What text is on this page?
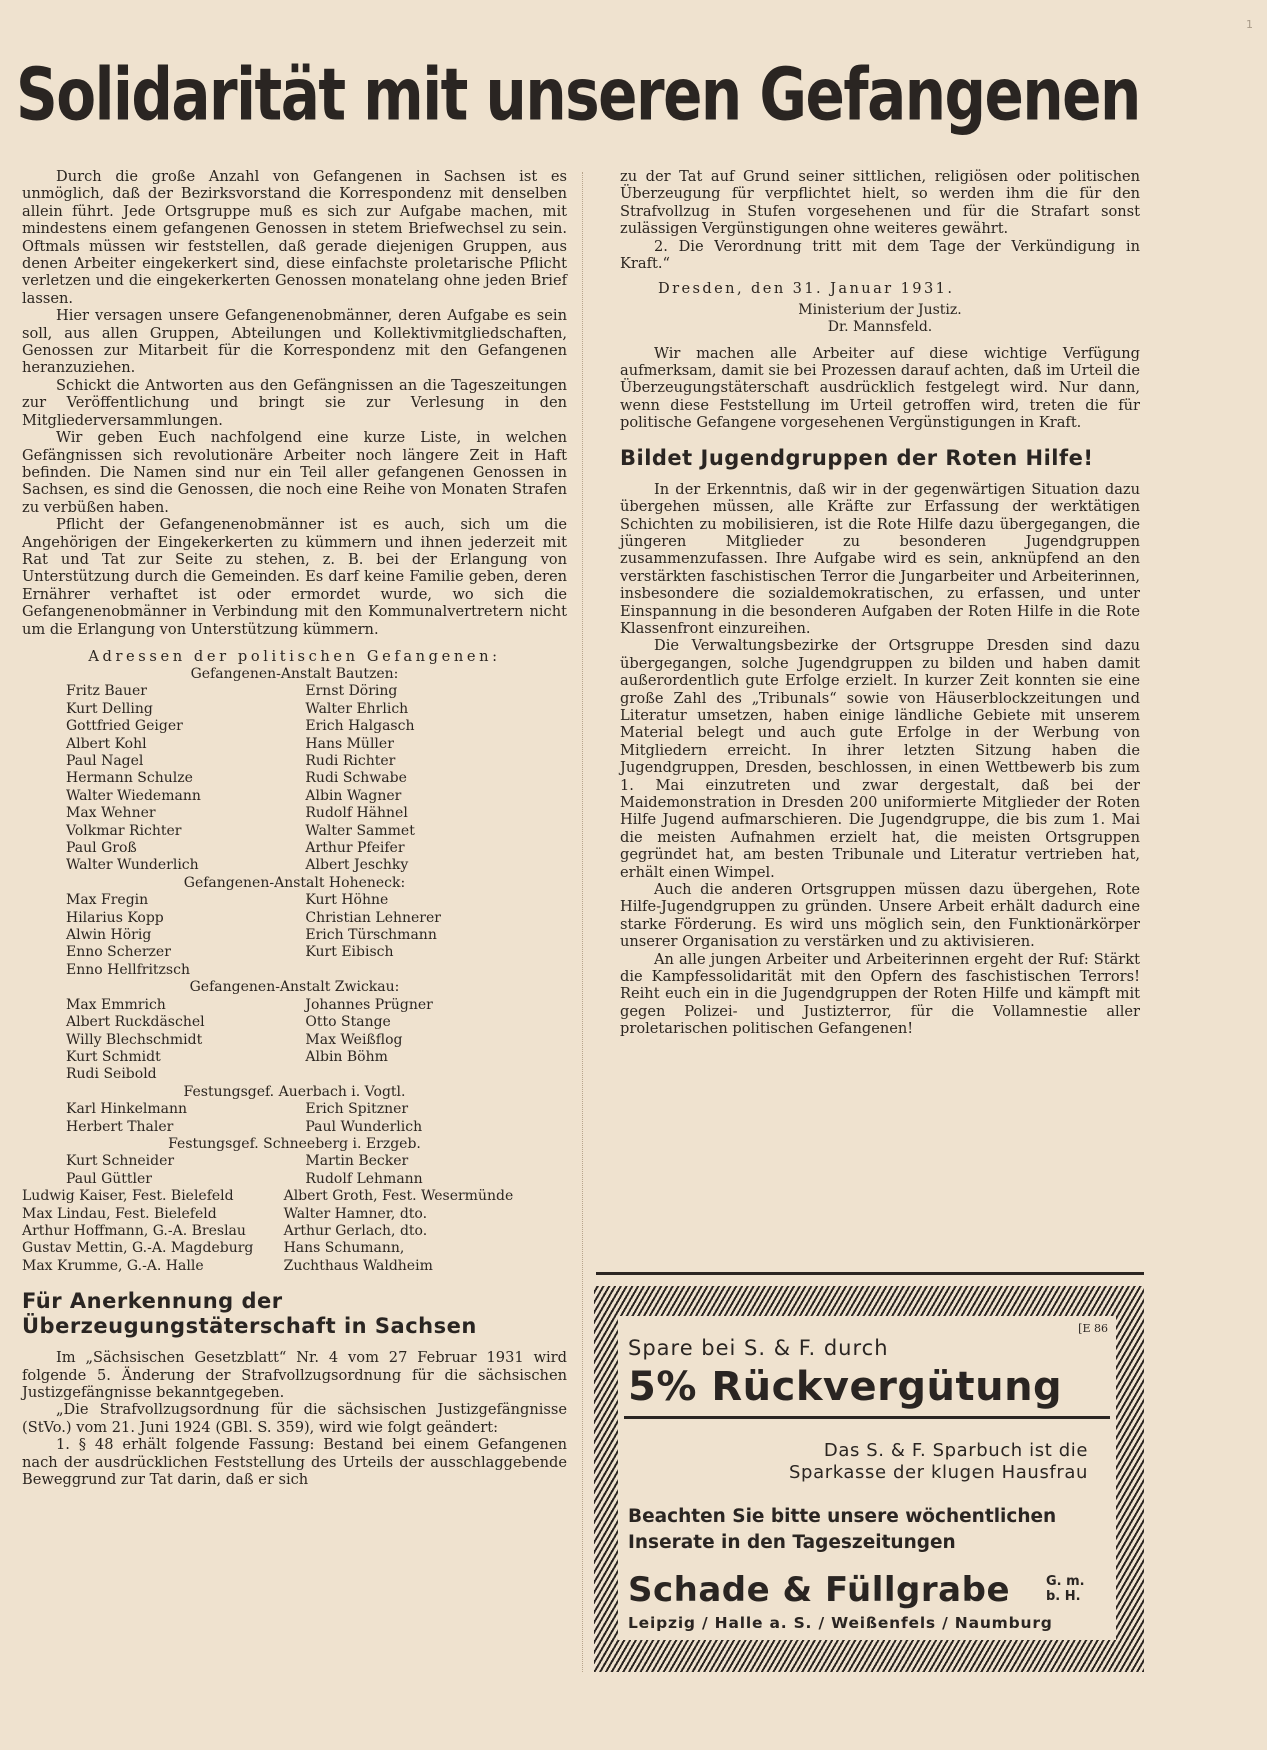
1
Solidarität mit unseren Gefangenen

Durch die große Anzahl von Gefangenen in Sachsen ist es unmöglich, daß der Bezirksvorstand die Korrespondenz mit denselben allein führt. Jede Ortsgruppe muß es sich zur Aufgabe machen, mit mindestens einem gefangenen Genossen in stetem Briefwechsel zu sein. Oftmals müssen wir feststellen, daß gerade diejenigen Gruppen, aus denen Arbeiter eingekerkert sind, diese einfachste proletarische Pflicht verletzen und die eingekerkerten Genossen monatelang ohne jeden Brief lassen.

Hier versagen unsere Gefangenenobmänner, deren Aufgabe es sein soll, aus allen Gruppen, Abteilungen und Kollektivmitgliedschaften, Genossen zur Mitarbeit für die Korrespondenz mit den Gefangenen heranzuziehen.

Schickt die Antworten aus den Gefängnissen an die Tageszeitungen zur Veröffentlichung und bringt sie zur Verlesung in den Mitgliederversammlungen.

Wir geben Euch nachfolgend eine kurze Liste, in welchen Gefängnissen sich revolutionäre Arbeiter noch längere Zeit in Haft befinden. Die Namen sind nur ein Teil aller gefangenen Genossen in Sachsen, es sind die Genossen, die noch eine Reihe von Monaten Strafen zu verbüßen haben.

Pflicht der Gefangenenobmänner ist es auch, sich um die Angehörigen der Eingekerkerten zu kümmern und ihnen jederzeit mit Rat und Tat zur Seite zu stehen, z. B. bei der Erlangung von Unterstützung durch die Gemeinden. Es darf keine Familie geben, deren Ernährer verhaftet ist oder ermordet wurde, wo sich die Gefangenenobmänner in Verbindung mit den Kommunalvertretern nicht um die Erlangung von Unterstützung kümmern.

Adressen der politischen Gefangenen:

Gefangenen-Anstalt Bautzen:

Fritz Bauer	Ernst Döring
Kurt Delling	Walter Ehrlich
Gottfried Geiger	Erich Halgasch
Albert Kohl	Hans Müller
Paul Nagel	Rudi Richter
Hermann Schulze	Rudi Schwabe
Walter Wiedemann	Albin Wagner
Max Wehner	Rudolf Hähnel
Volkmar Richter	Walter Sammet
Paul Groß	Arthur Pfeifer
Walter Wunderlich	Albert Jeschky

Gefangenen-Anstalt Hoheneck:

Max Fregin	Kurt Höhne
Hilarius Kopp	Christian Lehnerer
Alwin Hörig	Erich Türschmann
Enno Scherzer	Kurt Eibisch
Enno Hellfritzsch	

Gefangenen-Anstalt Zwickau:

Max Emmrich	Johannes Prügner
Albert Ruckdäschel	Otto Stange
Willy Blechschmidt	Max Weißflog
Kurt Schmidt	Albin Böhm
Rudi Seibold	

Festungsgef. Auerbach i. Vogtl.

Karl Hinkelmann	Erich Spitzner
Herbert Thaler	Paul Wunderlich

Festungsgef. Schneeberg i. Erzgeb.

Kurt Schneider	Martin Becker
Paul Güttler	Rudolf Lehmann
Ludwig Kaiser, Fest. Bielefeld	Albert Groth, Fest. Wesermünde
Max Lindau, Fest. Bielefeld	Walter Hamner, dto.
Arthur Hoffmann, G.-A. Breslau	Arthur Gerlach, dto.
Gustav Mettin, G.-A. Magdeburg	Hans Schumann,
Max Krumme, G.-A. Halle	Zuchthaus Waldheim
Für Anerkennung der Überzeugungstäterschaft in Sachsen

Im „Sächsischen Gesetzblatt“ Nr. 4 vom 27 Februar 1931 wird folgende 5. Änderung der Strafvollzugsordnung für die sächsischen Justizgefängnisse bekanntgegeben.

„Die Strafvollzugsordnung für die sächsischen Justizgefängnisse (StVo.) vom 21. Juni 1924 (GBl. S. 359), wird wie folgt geändert:

1. § 48 erhält folgende Fassung: Bestand bei einem Gefangenen nach der ausdrücklichen Feststellung des Urteils der ausschlaggebende Beweggrund zur Tat darin, daß er sich

zu der Tat auf Grund seiner sittlichen, religiösen oder politischen Überzeugung für verpflichtet hielt, so werden ihm die für den Strafvollzug in Stufen vorgesehenen und für die Strafart sonst zulässigen Vergünstigungen ohne weiteres gewährt.

2. Die Verordnung tritt mit dem Tage der Verkündigung in Kraft.“

Dresden, den 31. Januar 1931.

Ministerium der Justiz.

Dr. Mannsfeld.

Wir machen alle Arbeiter auf diese wichtige Verfügung aufmerksam, damit sie bei Prozessen darauf achten, daß im Urteil die Überzeugungstäterschaft ausdrücklich festgelegt wird. Nur dann, wenn diese Feststellung im Urteil getroffen wird, treten die für politische Gefangene vorgesehenen Vergünstigungen in Kraft.

Bildet Jugendgruppen der Roten Hilfe!

In der Erkenntnis, daß wir in der gegenwärtigen Situation dazu übergehen müssen, alle Kräfte zur Erfassung der werktätigen Schichten zu mobilisieren, ist die Rote Hilfe dazu übergegangen, die jüngeren Mitglieder zu besonderen Jugendgruppen zusammenzufassen. Ihre Aufgabe wird es sein, anknüpfend an den verstärkten faschistischen Terror die Jungarbeiter und Arbeiterinnen, insbesondere die sozialdemokratischen, zu erfassen, und unter Einspannung in die besonderen Aufgaben der Roten Hilfe in die Rote Klassenfront einzureihen.

Die Verwaltungsbezirke der Ortsgruppe Dresden sind dazu übergegangen, solche Jugendgruppen zu bilden und haben damit außerordentlich gute Erfolge erzielt. In kurzer Zeit konnten sie eine große Zahl des „Tribunals“ sowie von Häuserblockzeitungen und Literatur umsetzen, haben einige ländliche Gebiete mit unserem Material belegt und auch gute Erfolge in der Werbung von Mitgliedern erreicht. In ihrer letzten Sitzung haben die Jugendgruppen, Dresden, beschlossen, in einen Wettbewerb bis zum 1. Mai einzutreten und zwar dergestalt, daß bei der Maidemonstration in Dresden 200 uniformierte Mitglieder der Roten Hilfe Jugend aufmarschieren. Die Jugendgruppe, die bis zum 1. Mai die meisten Aufnahmen erzielt hat, die meisten Ortsgruppen gegründet hat, am besten Tribunale und Literatur vertrieben hat, erhält einen Wimpel.

Auch die anderen Ortsgruppen müssen dazu übergehen, Rote Hilfe-Jugendgruppen zu gründen. Unsere Arbeit erhält dadurch eine starke Förderung. Es wird uns möglich sein, den Funktionärkörper unserer Organisation zu verstärken und zu aktivisieren.

An alle jungen Arbeiter und Arbeiterinnen ergeht der Ruf: Stärkt die Kampfessolidarität mit den Opfern des faschistischen Terrors! Reiht euch ein in die Jugendgruppen der Roten Hilfe und kämpft mit gegen Polizei- und Justizterror, für die Vollamnestie aller proletarischen politischen Gefangenen!

[E 86
Spare bei S. & F. durch
5% Rückvergütung
Das S. & F. Sparbuch ist die
Sparkasse der klugen Hausfrau
Beachten Sie bitte unsere wöchentlichen Inserate in den Tageszeitungen
Schade & Füllgrabe	G. m.
b. H.
Leipzig / Halle a. S. / Weißenfels / Naumburg
